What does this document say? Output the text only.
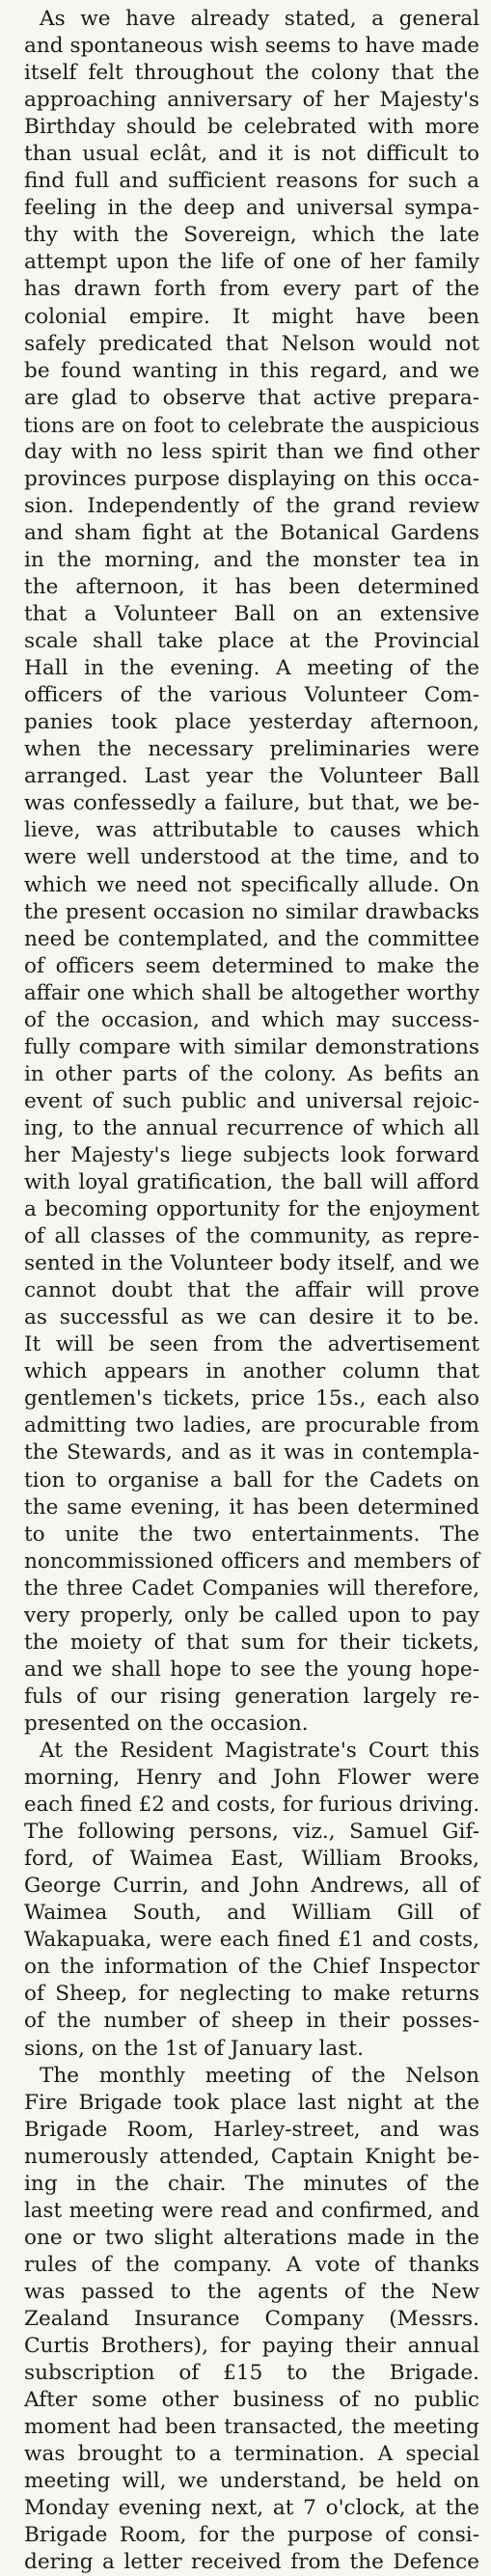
As we have already stated, a general
and spontaneous wish seems to have made
itself felt throughout the colony that the
approaching anniversary of her Majesty's
Birthday should be celebrated with more
than usual eclât, and it is not difficult to
find full and sufficient reasons for such a
feeling in the deep and universal sympa-
thy with the Sovereign, which the late
attempt upon the life of one of her family
has drawn forth from every part of the
colonial empire. It might have been
safely predicated that Nelson would not
be found wanting in this regard, and we
are glad to observe that active prepara-
tions are on foot to celebrate the auspicious
day with no less spirit than we find other
provinces purpose displaying on this occa-
sion. Independently of the grand review
and sham fight at the Botanical Gardens
in the morning, and the monster tea in
the afternoon, it has been determined
that a Volunteer Ball on an extensive
scale shall take place at the Provincial
Hall in the evening. A meeting of the
officers of the various Volunteer Com-
panies took place yesterday afternoon,
when the necessary preliminaries were
arranged. Last year the Volunteer Ball
was confessedly a failure, but that, we be-
lieve, was attributable to causes which
were well understood at the time, and to
which we need not specifically allude. On
the present occasion no similar drawbacks
need be contemplated, and the committee
of officers seem determined to make the
affair one which shall be altogether worthy
of the occasion, and which may success-
fully compare with similar demonstrations
in other parts of the colony. As befits an
event of such public and universal rejoic-
ing, to the annual recurrence of which all
her Majesty's liege subjects look forward
with loyal gratification, the ball will afford
a becoming opportunity for the enjoyment
of all classes of the community, as repre-
sented in the Volunteer body itself, and we
cannot doubt that the affair will prove
as successful as we can desire it to be.
It will be seen from the advertisement
which appears in another column that
gentlemen's tickets, price 15s., each also
admitting two ladies, are procurable from
the Stewards, and as it was in contempla-
tion to organise a ball for the Cadets on
the same evening, it has been determined
to unite the two entertainments. The
noncommissioned officers and members of
the three Cadet Companies will therefore,
very properly, only be called upon to pay
the moiety of that sum for their tickets,
and we shall hope to see the young hope-
fuls of our rising generation largely re-
presented on the occasion.
At the Resident Magistrate's Court this
morning, Henry and John Flower were
each fined £2 and costs, for furious driving.
The following persons, viz., Samuel Gif-
ford, of Waimea East, William Brooks,
George Currin, and John Andrews, all of
Waimea South, and William Gill of
Wakapuaka, were each fined £1 and costs,
on the information of the Chief Inspector
of Sheep, for neglecting to make returns
of the number of sheep in their posses-
sions, on the 1st of January last.
The monthly meeting of the Nelson
Fire Brigade took place last night at the
Brigade Room, Harley-street, and was
numerously attended, Captain Knight be-
ing in the chair. The minutes of the
last meeting were read and confirmed, and
one or two slight alterations made in the
rules of the company. A vote of thanks
was passed to the agents of the New
Zealand Insurance Company (Messrs.
Curtis Brothers), for paying their annual
subscription of £15 to the Brigade.
After some other business of no public
moment had been transacted, the meeting
was brought to a termination. A special
meeting will, we understand, be held on
Monday evening next, at 7 o'clock, at the
Brigade Room, for the purpose of consi-
dering a letter received from the Defence
